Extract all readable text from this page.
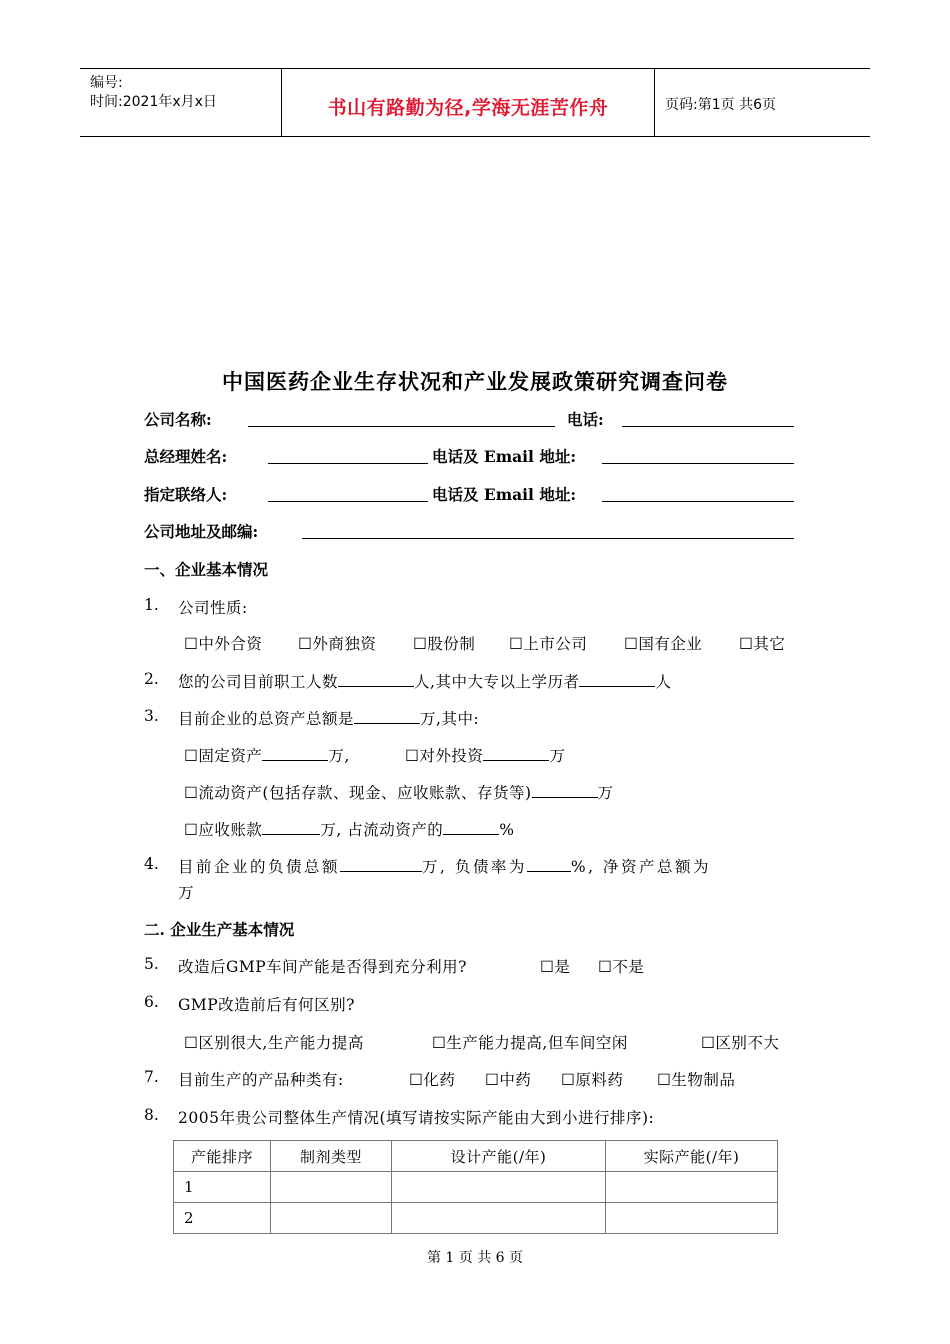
编号:
时间:2021年x月x日	书山有路勤为径,学海无涯苦作舟	页码:第1页 共6页
中国医药企业生存状况和产业发展政策研究调查问卷
公司名称:	电话:
总经理姓名:	电话及 Email 地址:
指定联络人:	电话及 Email 地址:
公司地址及邮编:
一、企业基本情况
1. 公司性质:
☐中外合资 ☐外商独资 ☐股份制 ☐上市公司 ☐国有企业 ☐其它
2. 您的公司目前职工人数	人,其中大专以上学历者	人
3. 目前企业的总资产总额是	万,其中:
☐固定资产	万,	☐对外投资	万
☐流动资产(包括存款、现金、应收账款、存货等)	万
☐应收账款	万, 占流动资产的	%
4. 目前企业的负债总额	万, 负债率为	%, 净资产总额为
万
二. 企业生产基本情况
5. 改造后GMP车间产能是否得到充分利用?	☐是 ☐不是
6. GMP改造前后有何区别?
☐区别很大,生产能力提高	☐生产能力提高,但车间空闲	☐区别不大
7. 目前生产的产品种类有:	☐化药 ☐中药 ☐原料药 ☐生物制品
8. 2005年贵公司整体生产情况(填写请按实际产能由大到小进行排序):
产能排序	制剂类型	设计产能(/年)	实际产能(/年)
1			
2			
第 1 页 共 6 页
